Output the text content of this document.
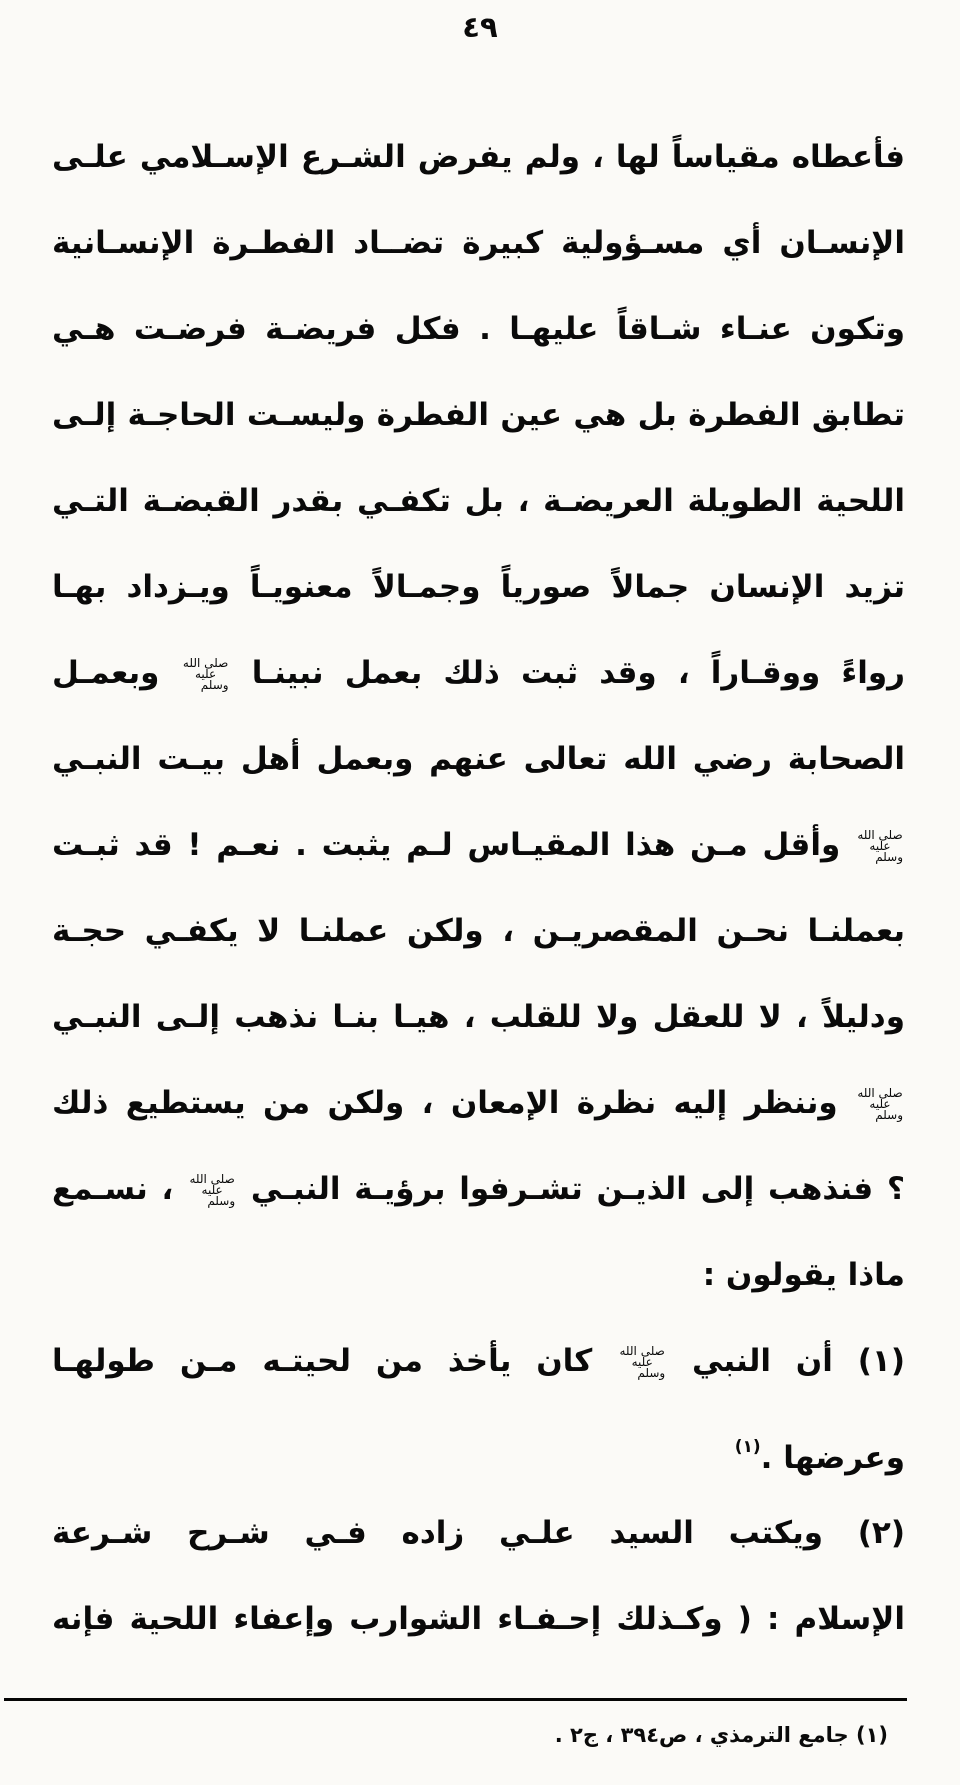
٤٩
فأعطاه مقياساً لها ، ولم يفرض الشـرع الإسـلامي علـى
الإنسـان أي مسـؤولية كبيرة تضــاد الفطـرة الإنسـانية
وتكون عنـاء شـاقاً عليهـا . فكل فريضـة فرضـت هـي
تطابق الفطرة بل هي عين الفطرة وليسـت الحاجـة إلـى
اللحية الطويلة العريضـة ، بل تكفـي بقدر القبضـة التـي
تزيد الإنسان جمالاً صورياً وجمـالاً معنويـاً ويـزداد بهـا
رواءً ووقـاراً ، وقد ثبت ذلك بعمل نبينـا صلى الله عليه وسلم وبعمـل
الصحابة رضي الله تعالى عنهم وبعمل أهل بيـت النبـي
صلى الله عليه وسلم وأقل مـن هذا المقيـاس لـم يثبت . نعـم ! قد ثبـت
بعملنـا نحـن المقصريـن ، ولكن عملنـا لا يكفـي حجـة
ودليلاً ، لا للعقل ولا للقلب ، هيـا بنـا نذهب إلـى النبـي
صلى الله عليه وسلم وننظر إليه نظرة الإمعان ، ولكن من يستطيع ذلك
؟ فنذهب إلى الذيـن تشـرفوا برؤيـة النبـي صلى الله عليه وسلم ، نسـمع
ماذا يقولون :
(١) أن النبي صلى الله عليه وسلم كان يأخذ من لحيتـه مـن طولهـا
وعرضها .$^{(١)}$
(٢) ويكتب السيد علـي زاده فـي شـرح شـرعة
الإسلام : ( وكـذلك إحـفـاء الشوارب وإعفاء اللحية فإنه
(١) جامع الترمذي ، ص٣٩٤ ، ج٢ .
